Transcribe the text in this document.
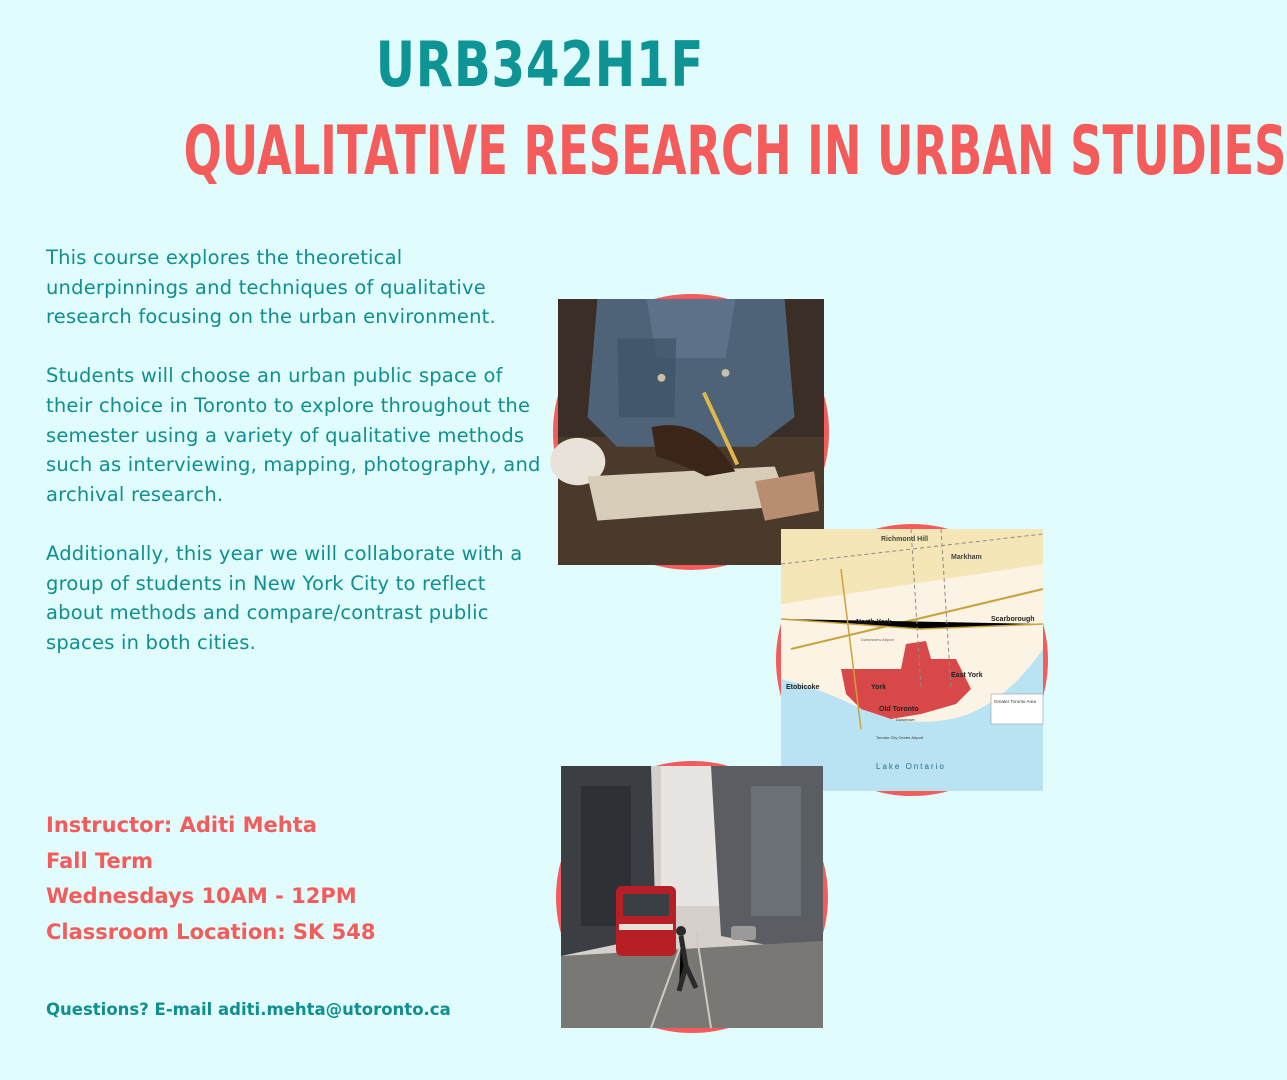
URB342H1F
QUALITATIVE RESEARCH IN URBAN STUDIES

This course explores the theoretical underpinnings and techniques of qualitative research focusing on the urban environment.

Students will choose an urban public space of their choice in Toronto to explore throughout the semester using a variety of qualitative methods such as interviewing, mapping, photography, and archival research.

Additionally, this year we will collaborate with a group of students in New York City to reflect about methods and compare/contrast public spaces in both cities.

Instructor: Aditi Mehta
Fall Term
Wednesdays 10AM - 12PM
Classroom Location: SK 548
Questions? E-mail aditi.mehta@utoronto.ca
Richmond Hill
Markham
North York	Scarborough
Downsview Airport
Etobicoke	York
East York
Old Toronto
Downtown
Toronto City Centre Airport
Greater Toronto Area
Lake Ontario
